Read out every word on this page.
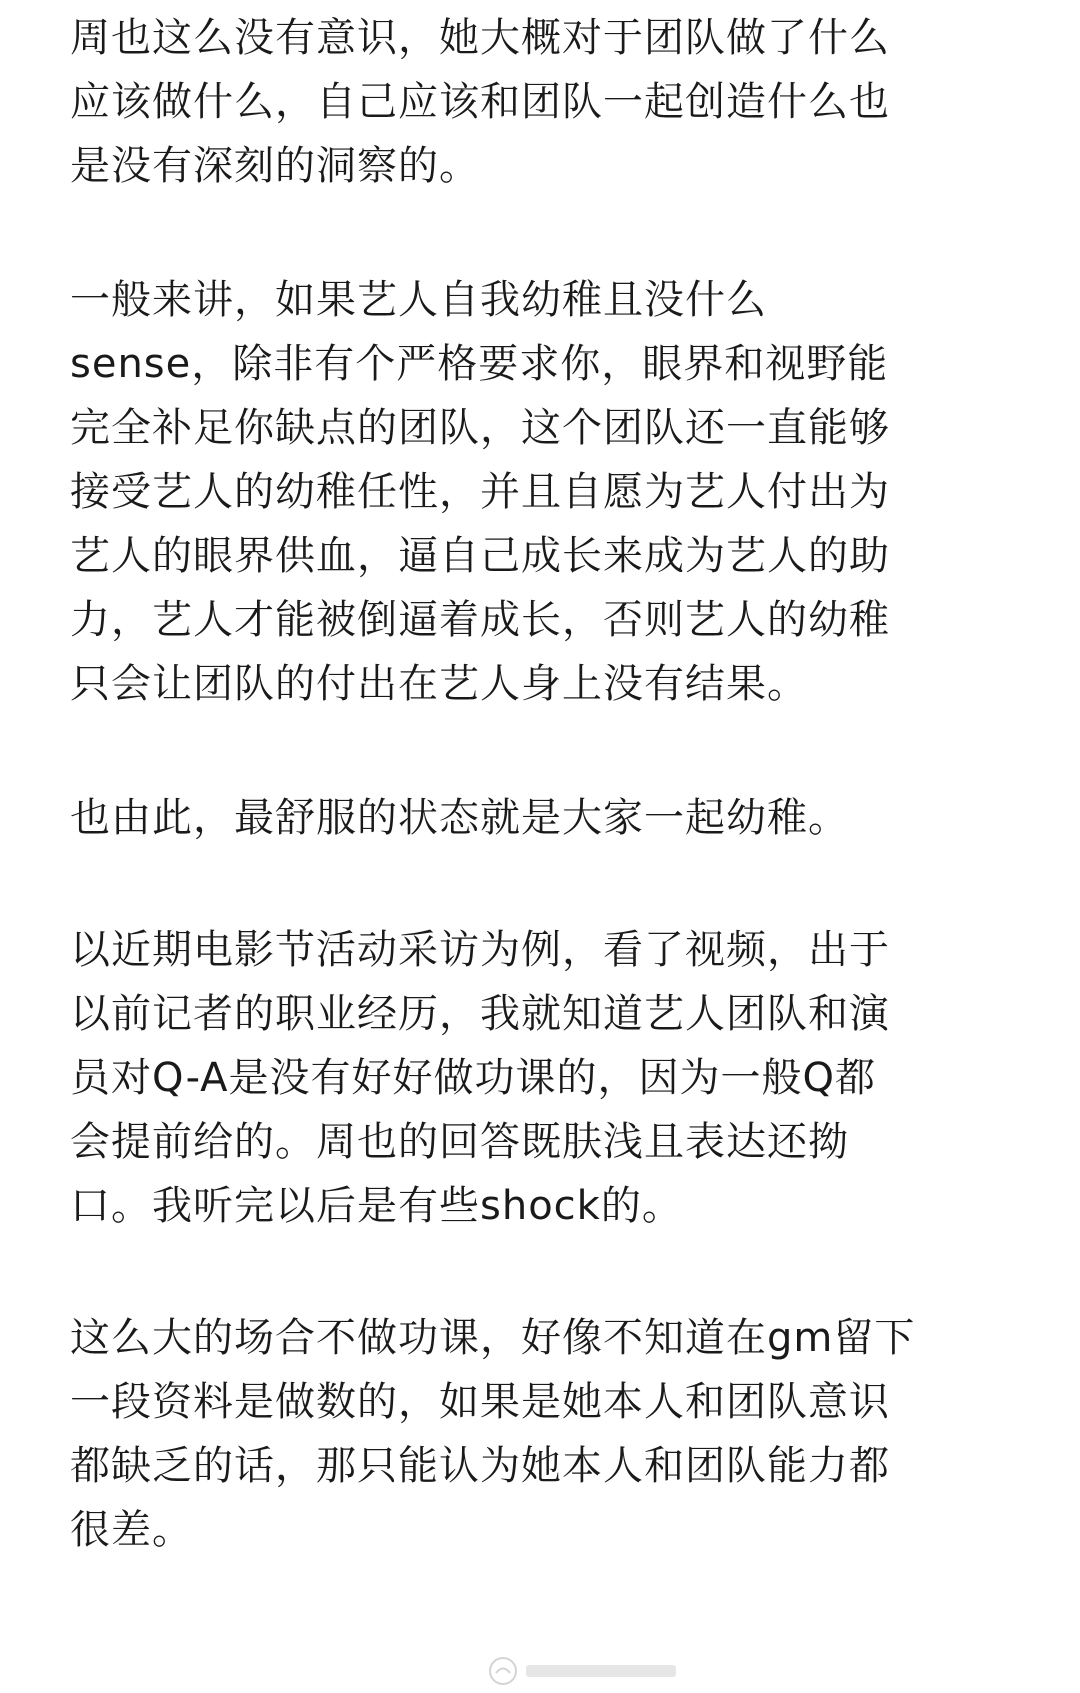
周也这么没有意识，她大概对于团队做了什么
应该做什么，自己应该和团队一起创造什么也
是没有深刻的洞察的。
一般来讲，如果艺人自我幼稚且没什么
sense，除非有个严格要求你，眼界和视野能
完全补足你缺点的团队，这个团队还一直能够
接受艺人的幼稚任性，并且自愿为艺人付出为
艺人的眼界供血，逼自己成长来成为艺人的助
力，艺人才能被倒逼着成长，否则艺人的幼稚
只会让团队的付出在艺人身上没有结果。
也由此，最舒服的状态就是大家一起幼稚。
以近期电影节活动采访为例，看了视频，出于
以前记者的职业经历，我就知道艺人团队和演
员对Q-A是没有好好做功课的，因为一般Q都
会提前给的。周也的回答既肤浅且表达还拗
口。我听完以后是有些shock的。
这么大的场合不做功课，好像不知道在gm留下
一段资料是做数的，如果是她本人和团队意识
都缺乏的话，那只能认为她本人和团队能力都
很差。
